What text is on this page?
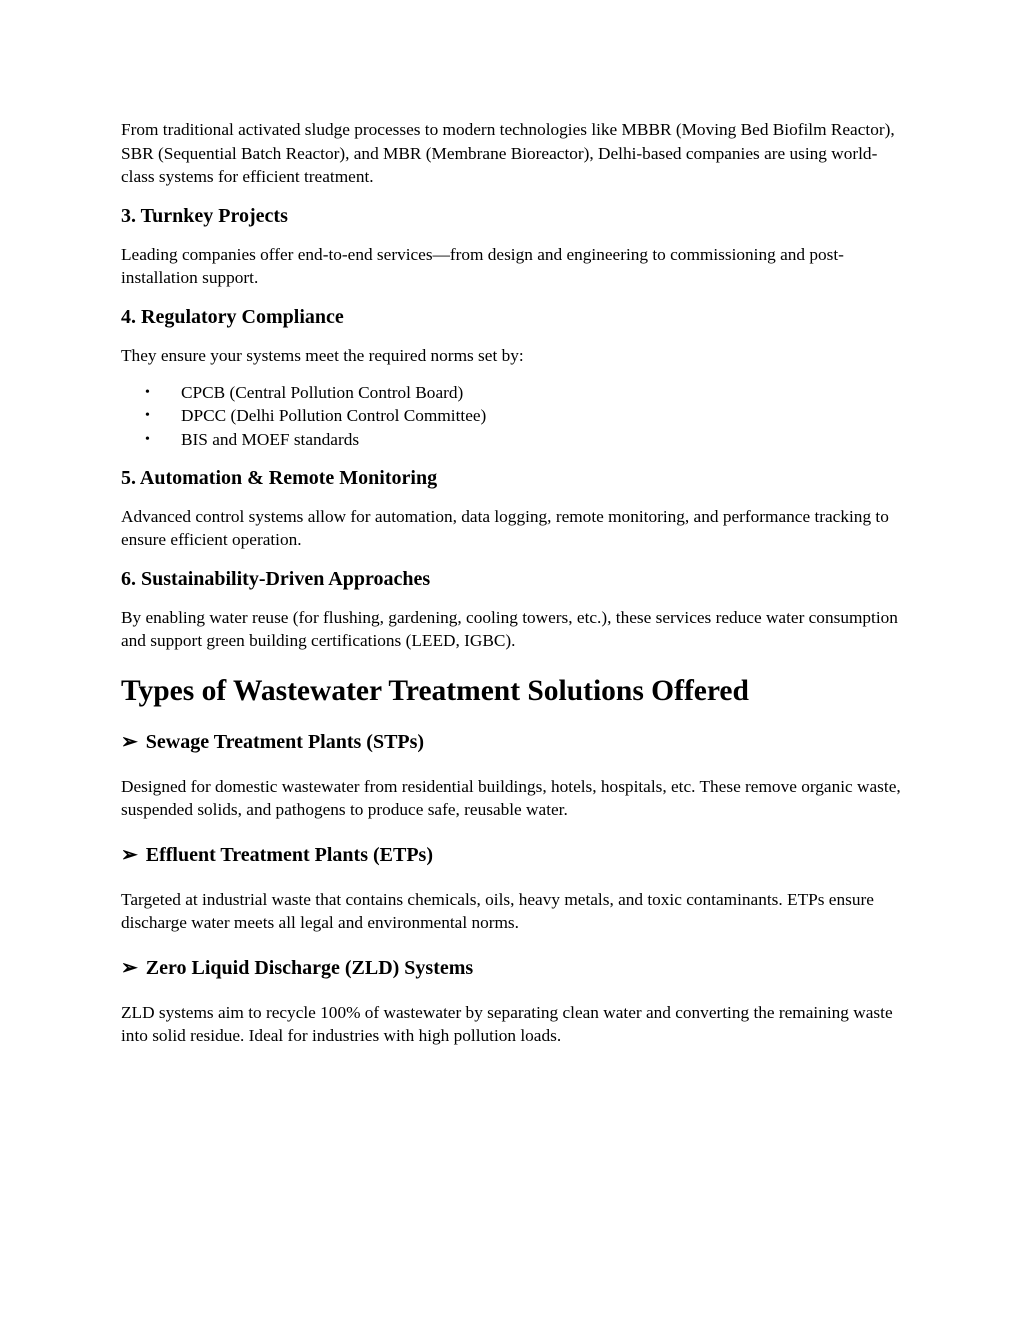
From traditional activated sludge processes to modern technologies like MBBR (Moving Bed Biofilm Reactor), SBR (Sequential Batch Reactor), and MBR (Membrane Bioreactor), Delhi-based companies are using world-class systems for efficient treatment.

3. Turnkey Projects

Leading companies offer end-to-end services—from design and engineering to commissioning and post-installation support.

4. Regulatory Compliance

They ensure your systems meet the required norms set by:

• CPCB (Central Pollution Control Board)
• DPCC (Delhi Pollution Control Committee)
• BIS and MOEF standards
5. Automation & Remote Monitoring

Advanced control systems allow for automation, data logging, remote monitoring, and performance tracking to ensure efficient operation.

6. Sustainability-Driven Approaches

By enabling water reuse (for flushing, gardening, cooling towers, etc.), these services reduce water consumption and support green building certifications (LEED, IGBC).

Types of Wastewater Treatment Solutions Offered
➢ Sewage Treatment Plants (STPs)

Designed for domestic wastewater from residential buildings, hotels, hospitals, etc. These remove organic waste, suspended solids, and pathogens to produce safe, reusable water.

➢ Effluent Treatment Plants (ETPs)

Targeted at industrial waste that contains chemicals, oils, heavy metals, and toxic contaminants. ETPs ensure discharge water meets all legal and environmental norms.

➢ Zero Liquid Discharge (ZLD) Systems

ZLD systems aim to recycle 100% of wastewater by separating clean water and converting the remaining waste into solid residue. Ideal for industries with high pollution loads.
